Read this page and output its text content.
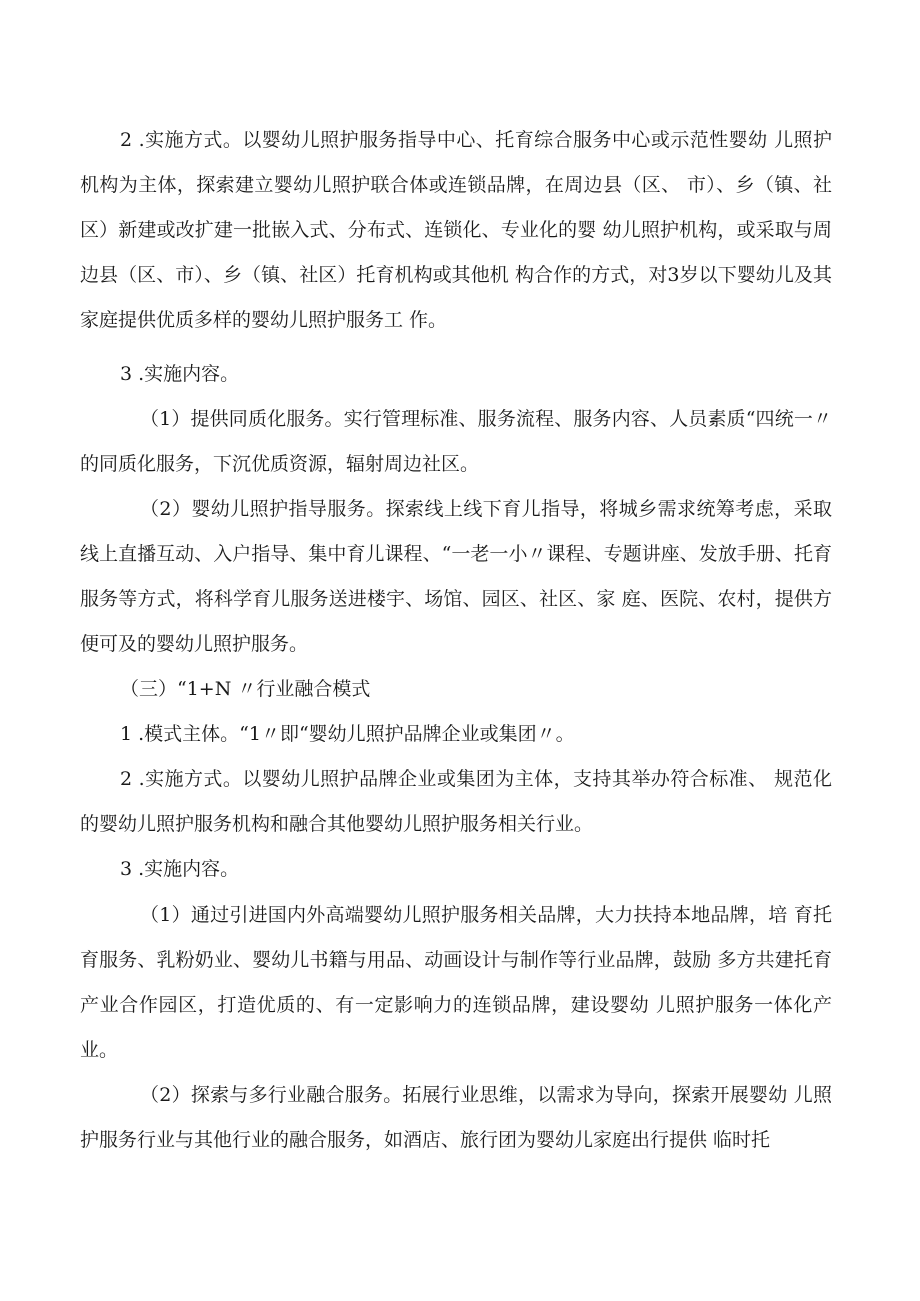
2 .实施方式。以婴幼儿照护服务指导中心、托育综合服务中心或示范性婴幼 儿照护机构为主体，探索建立婴幼儿照护联合体或连锁品牌，在周边县（区、 市）、乡（镇、社区）新建或改扩建一批嵌入式、分布式、连锁化、专业化的婴 幼儿照护机构，或采取与周边县（区、市）、乡（镇、社区）托育机构或其他机 构合作的方式，对3岁以下婴幼儿及其家庭提供优质多样的婴幼儿照护服务工 作。

3 .实施内容。

（1）提供同质化服务。实行管理标准、服务流程、服务内容、人员素质“四统一〃的同质化服务，下沉优质资源，辐射周边社区。

（2）婴幼儿照护指导服务。探索线上线下育儿指导，将城乡需求统筹考虑，采取线上直播互动、入户指导、集中育儿课程、“一老一小〃课程、专题讲座、发放手册、托育服务等方式，将科学育儿服务送进楼宇、场馆、园区、社区、家 庭、医院、农村，提供方便可及的婴幼儿照护服务。

（三）“1+N 〃行业融合模式

1 .模式主体。“1〃即“婴幼儿照护品牌企业或集团〃。

2 .实施方式。以婴幼儿照护品牌企业或集团为主体，支持其举办符合标准、 规范化的婴幼儿照护服务机构和融合其他婴幼儿照护服务相关行业。

3 .实施内容。

（1）通过引进国内外高端婴幼儿照护服务相关品牌，大力扶持本地品牌，培 育托育服务、乳粉奶业、婴幼儿书籍与用品、动画设计与制作等行业品牌，鼓励 多方共建托育产业合作园区，打造优质的、有一定影响力的连锁品牌，建设婴幼 儿照护服务一体化产业。

（2）探索与多行业融合服务。拓展行业思维，以需求为导向，探索开展婴幼 儿照护服务行业与其他行业的融合服务，如酒店、旅行团为婴幼儿家庭出行提供 临时托
